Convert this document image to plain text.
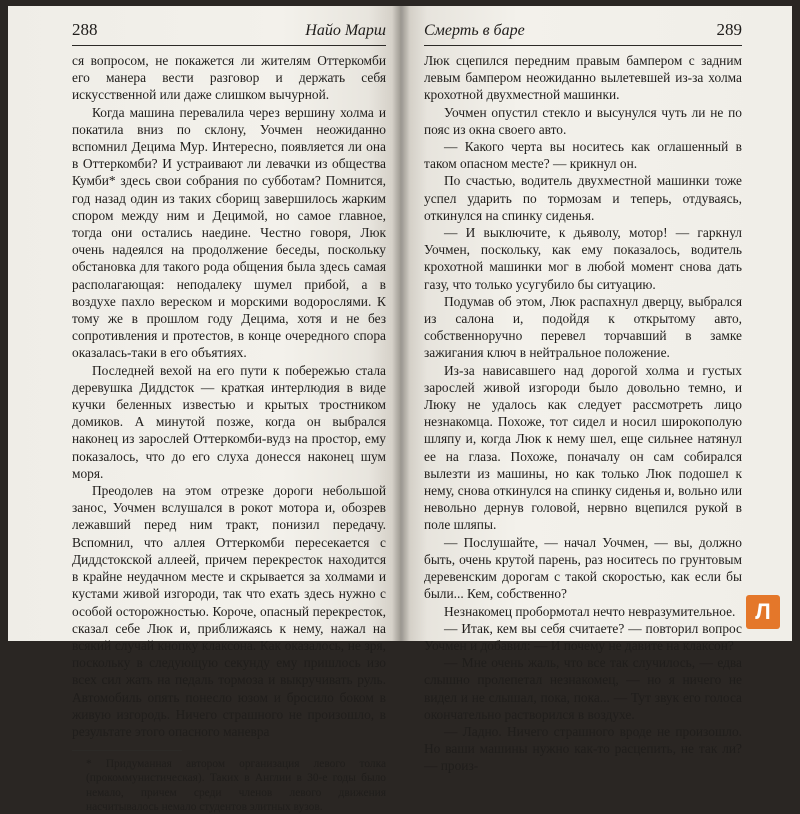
288	Найо Марш

ся вопросом, не покажется ли жителям Оттеркомби его манера вести разговор и держать себя искусственной или даже слишком вычурной.

Когда машина перевалила через вершину холма и покатила вниз по склону, Уочмен неожиданно вспомнил Децима Мур. Интересно, появляется ли она в Оттеркомби? И устраивают ли левачки из общества Кумби* здесь свои собрания по субботам? Помнится, год назад один из таких сборищ завершилось жарким спором между ним и Децимой, но самое главное, тогда они остались наедине. Честно говоря, Люк очень надеялся на продолжение беседы, поскольку обстановка для такого рода общения была здесь самая располагающая: неподалеку шумел прибой, а в воздухе пахло вереском и морскими водорослями. К тому же в прошлом году Децима, хотя и не без сопротивления и протестов, в конце очередного спора оказалась-таки в его объятиях.

Последней вехой на его пути к побережью стала деревушка Диддсток — краткая интерлюдия в виде кучки беленных известью и крытых тростником домиков. А минутой позже, когда он выбрался наконец из зарослей Оттеркомби-вудз на простор, ему показалось, что до его слуха донесся наконец шум моря.

Преодолев на этом отрезке дороги небольшой занос, Уочмен вслушался в рокот мотора и, обозрев лежавший перед ним тракт, понизил передачу. Вспомнил, что аллея Оттеркомби пересекается с Диддстокской аллеей, причем перекресток находится в крайне неудачном месте и скрывается за холмами и кустами живой изгороди, так что ехать здесь нужно с особой осторожностью. Короче, опасный перекресток, сказал себе Люк и, приближаясь к нему, нажал на всякий случай кнопку клаксона. Как оказалось, не зря, поскольку в следующую секунду ему пришлось изо всех сил жать на педаль тормоза и выкручивать руль. Автомобиль опять понесло юзом и бросило боком в живую изгородь. Ничего страшного не произошло, в результате этого опасного маневра

* Придуманная автором организация левого толка (прокоммунистическая). Таких в Англии в 30-е годы было немало, причем среди членов левого движения насчитывалось немало студентов элитных вузов.
Смерть в баре	289

Люк сцепился передним правым бампером с задним левым бампером неожиданно вылетевшей из-за холма крохотной двухместной машинки.

Уочмен опустил стекло и высунулся чуть ли не по пояс из окна своего авто.

— Какого черта вы носитесь как оглашенный в таком опасном месте? — крикнул он.

По счастью, водитель двухместной машинки тоже успел ударить по тормозам и теперь, отдуваясь, откинулся на спинку сиденья.

— И выключите, к дьяволу, мотор! — гаркнул Уочмен, поскольку, как ему показалось, водитель крохотной машинки мог в любой момент снова дать газу, что только усугубило бы ситуацию.

Подумав об этом, Люк распахнул дверцу, выбрался из салона и, подойдя к открытому авто, собственноручно перевел торчавший в замке зажигания ключ в нейтральное положение.

Из-за нависавшего над дорогой холма и густых зарослей живой изгороди было довольно темно, и Люку не удалось как следует рассмотреть лицо незнакомца. Похоже, тот сидел и носил широкополую шляпу и, когда Люк к нему шел, еще сильнее натянул ее на глаза. Похоже, поначалу он сам собирался вылезти из машины, но как только Люк подошел к нему, снова откинулся на спинку сиденья и, вольно или невольно дернув головой, нервно вцепился рукой в поле шляпы.

— Послушайте, — начал Уочмен, — вы, должно быть, очень крутой парень, раз носитесь по грунтовым деревенским дорогам с такой скоростью, как если бы были... Кем, собственно?

Незнакомец пробормотал нечто невразумительное.

— Итак, кем вы себя считаете? — повторил вопрос Уочмен и добавил: — И почему не давите на клаксон?

— Мне очень жаль, что все так случилось, — едва слышно пролепетал незнакомец, — но я ничего не видел и не слышал, пока, пока... — Тут звук его голоса окончательно растворился в воздухе.

— Ладно. Ничего страшного вроде не произошло. Но ваши машины нужно как-то расцепить, не так ли? — произ-

Л
